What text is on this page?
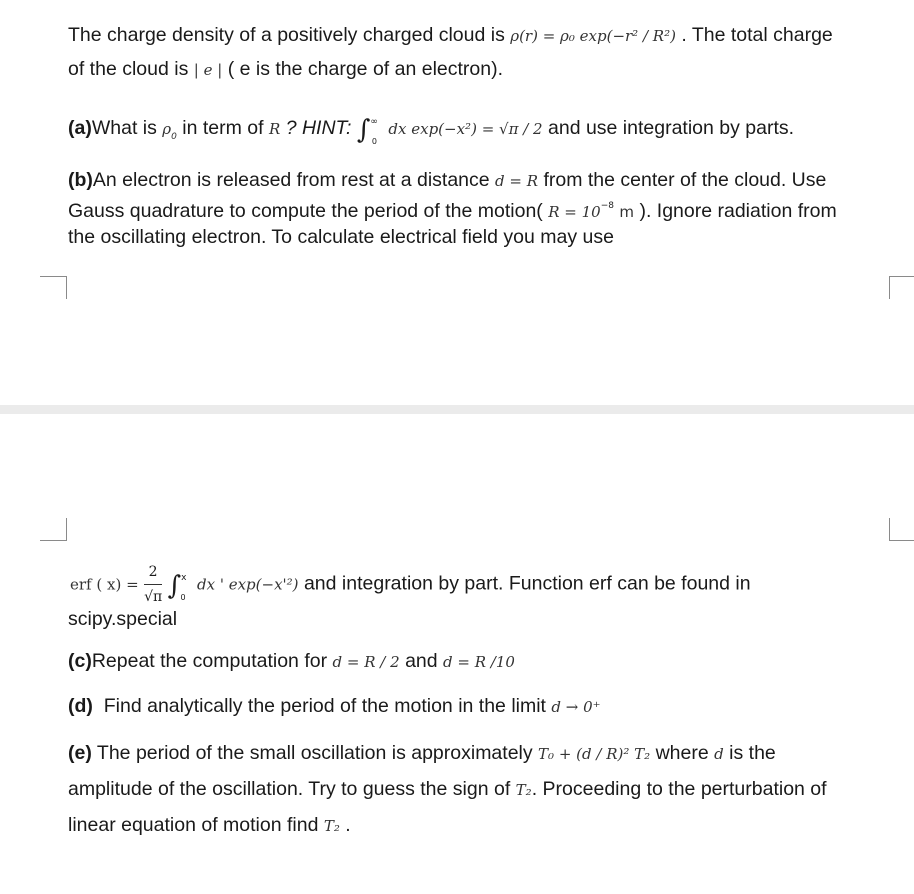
The charge density of a positively charged cloud is ρ(r) = ρ₀ exp(−r² / R²) . The total charge
of the cloud is | e | ( e is the charge of an electron).
(a)What is $\rho_0$ in term of R ? HINT: $\int^\infty_0$ dx exp(−x²) = √π / 2 and use integration by parts.
(b)An electron is released from rest at a distance d = R from the center of the cloud. Use
Gauss quadrature to compute the period of the motion( $R = 10^{-8}$ m ). Ignore radiation from
the oscillating electron. To calculate electrical field you may use
erf ( $x) = \frac{2}{√\pi} \int^x_0$ dx ' exp(−x'²) and integration by part. Function erf can be found in
scipy.special
(c)Repeat the computation for d = R / 2 and d = R /10
(d) Find analytically the period of the motion in the limit d → 0⁺
(e) The period of the small oscillation is approximately T₀ + (d / R)² T₂ where d is the
amplitude of the oscillation. Try to guess the sign of T₂. Proceeding to the perturbation of
linear equation of motion find T₂ .
